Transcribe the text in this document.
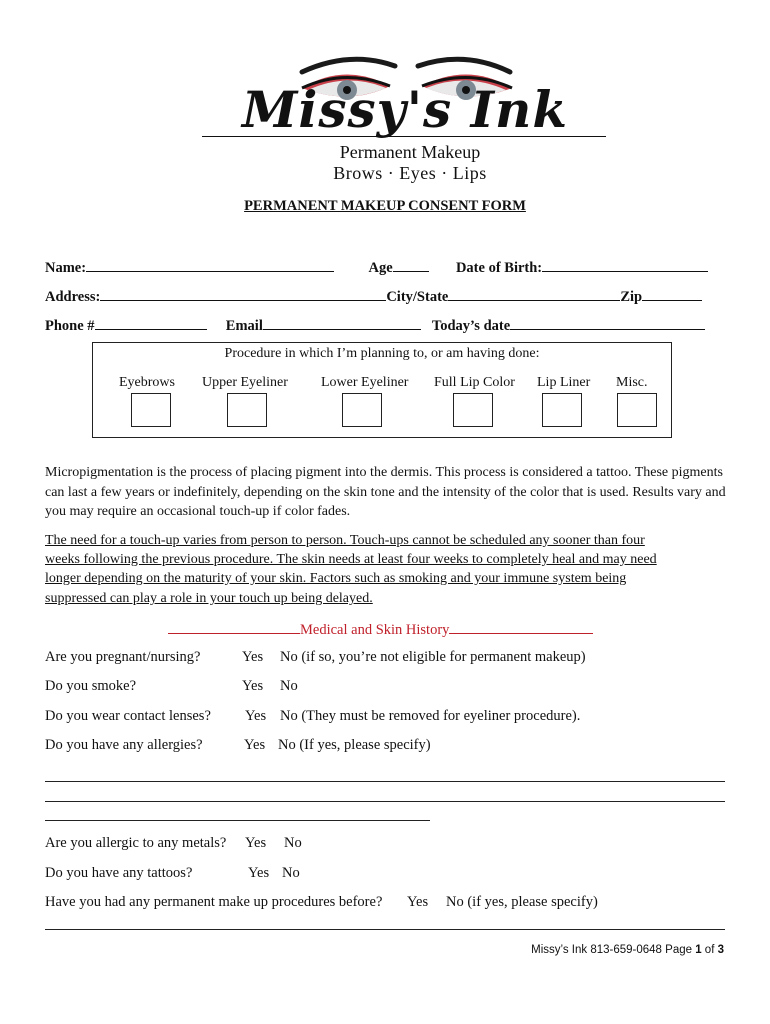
Missy's Ink
Permanent Makeup
Brows · Eyes · Lips
PERMANENT MAKEUP CONSENT FORM
Name:	Age	Date of Birth:
Address:	City/State	Zip
Phone #	Email	Today’s date
Procedure in which I’m planning to, or am having done:
Eyebrows Upper Eyeliner Lower Eyeliner Full Lip Color Lip Liner Misc.
Micropigmentation is the process of placing pigment into the dermis. This process is considered a tattoo. These pigments can last a few years or indefinitely, depending on the skin tone and the intensity of the color that is used. Results vary and you may require an occasional touch-up if color fades.
The need for a touch-up varies from person to person. Touch-ups cannot be scheduled any sooner than four
weeks following the previous procedure. The skin needs at least four weeks to completely heal and may need
longer depending on the maturity of your skin. Factors such as smoking and your immune system being
suppressed can play a role in your touch up being delayed.
Medical and Skin History
Are you pregnant/nursing?	Yes No (if so, you’re not eligible for permanent makeup)
Do you smoke?	Yes No
Do you wear contact lenses? Yes No (They must be removed for eyeliner procedure).
Do you have any allergies?	Yes No (If yes, please specify)
Are you allergic to any metals? Yes No
Do you have any tattoos?	Yes No
Have you had any permanent make up procedures before? Yes No (if yes, please specify)
Missy’s Ink 813-659-0648 Page 1 of 3
